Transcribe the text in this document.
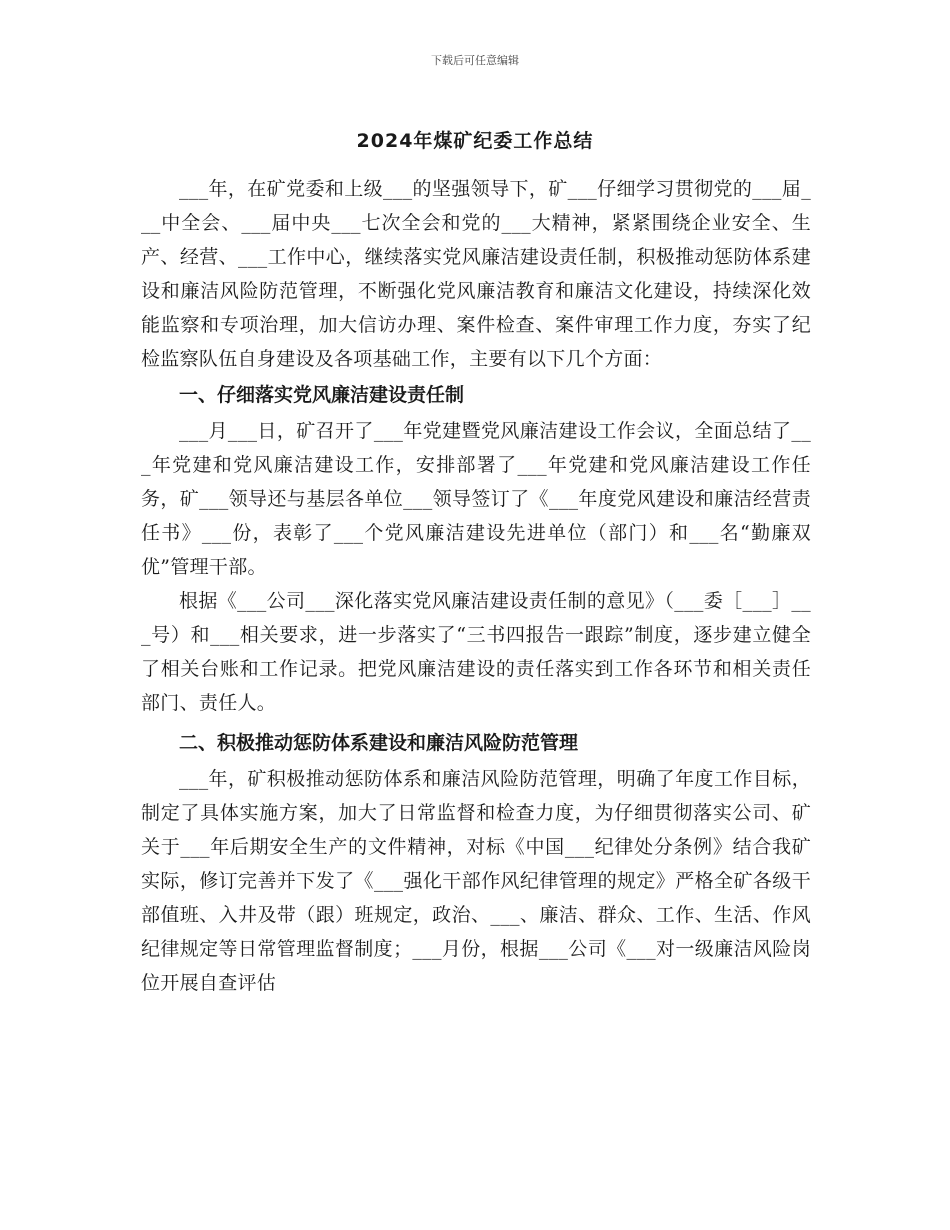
下载后可任意编辑
2024年煤矿纪委工作总结

___年，在矿党委和上级___的坚强领导下，矿___仔细学习贯彻党的___届___中全会、___届中央___七次全会和党的___大精神，紧紧围绕企业安全、生产、经营、___工作中心，继续落实党风廉洁建设责任制，积极推动惩防体系建设和廉洁风险防范管理，不断强化党风廉洁教育和廉洁文化建设，持续深化效能监察和专项治理，加大信访办理、案件检查、案件审理工作力度，夯实了纪检监察队伍自身建设及各项基础工作，主要有以下几个方面：

一、仔细落实党风廉洁建设责任制

___月___日，矿召开了___年党建暨党风廉洁建设工作会议，全面总结了___年党建和党风廉洁建设工作，安排部署了___年党建和党风廉洁建设工作任务，矿___领导还与基层各单位___领导签订了《___年度党风建设和廉洁经营责任书》___份，表彰了___个党风廉洁建设先进单位（部门）和___名“勤廉双优”管理干部。

根据《___公司___深化落实党风廉洁建设责任制的意见》（___委［___］___号）和___相关要求，进一步落实了“三书四报告一跟踪”制度，逐步建立健全了相关台账和工作记录。把党风廉洁建设的责任落实到工作各环节和相关责任部门、责任人。

二、积极推动惩防体系建设和廉洁风险防范管理

___年，矿积极推动惩防体系和廉洁风险防范管理，明确了年度工作目标，制定了具体实施方案，加大了日常监督和检查力度，为仔细贯彻落实公司、矿关于___年后期安全生产的文件精神，对标《中国___纪律处分条例》结合我矿实际，修订完善并下发了《___强化干部作风纪律管理的规定》严格全矿各级干部值班、入井及带（跟）班规定，政治、___、廉洁、群众、工作、生活、作风纪律规定等日常管理监督制度；___月份，根据___公司《___对一级廉洁风险岗位开展自查评估
